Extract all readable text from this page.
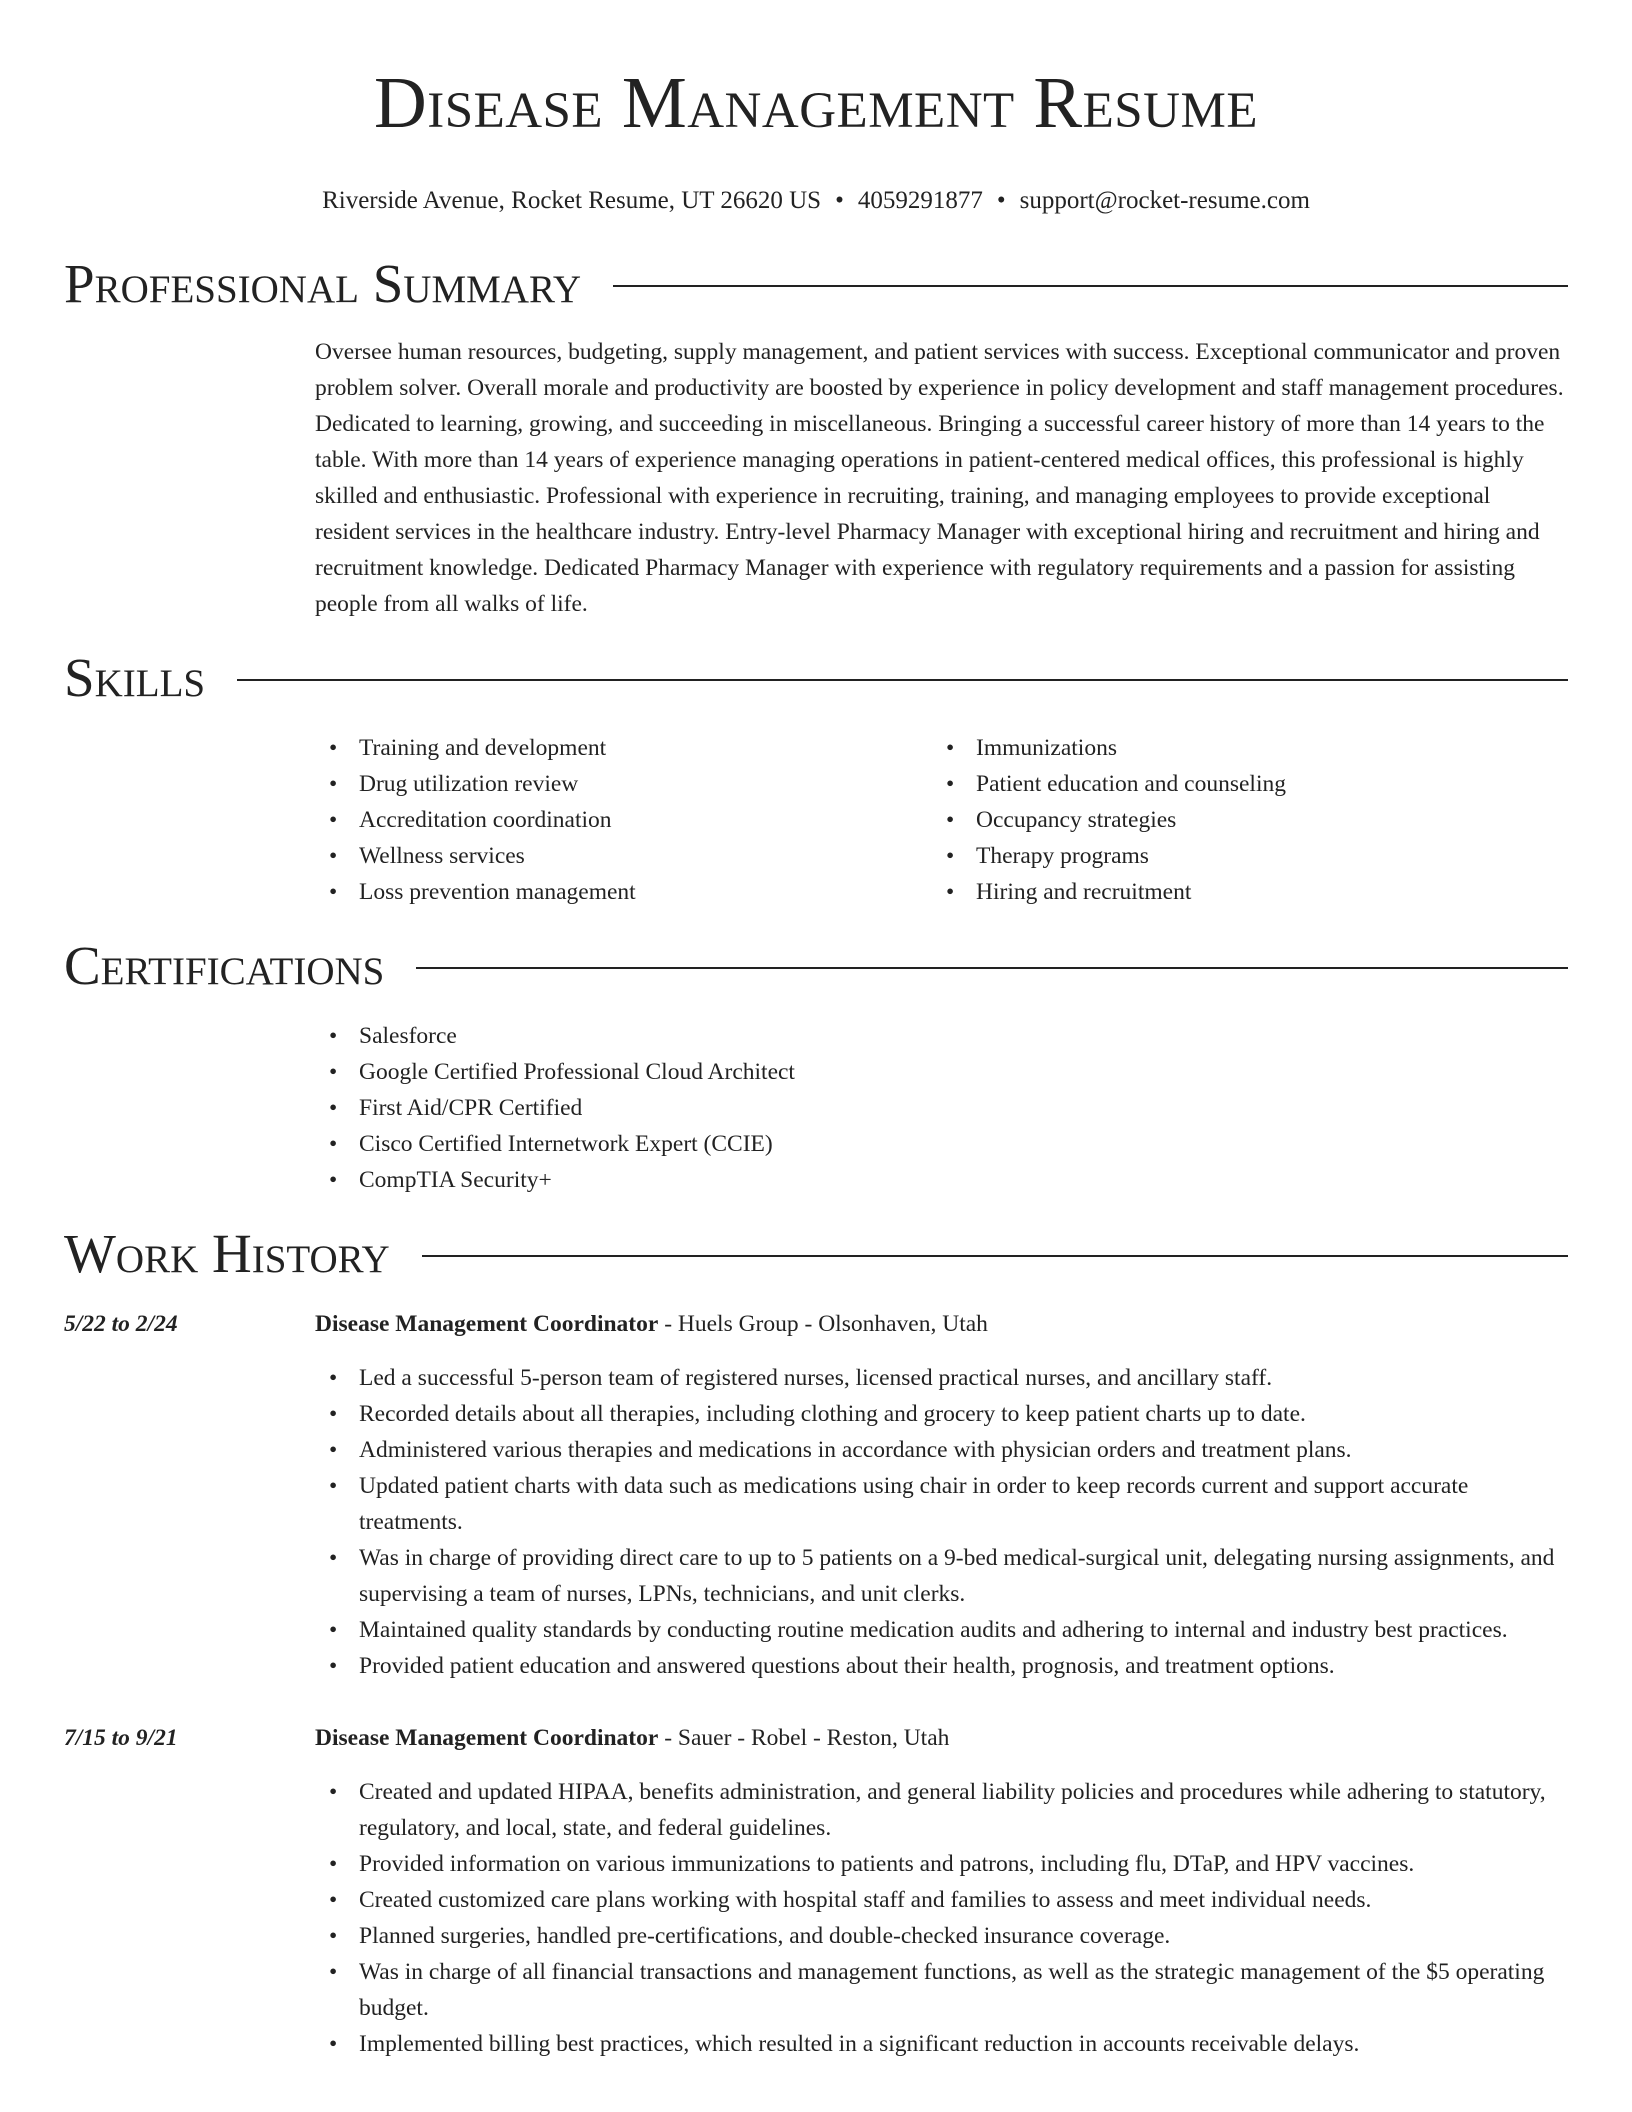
Disease Management Resume
Riverside Avenue, Rocket Resume, UT 26620 US • 4059291877 • support@rocket-resume.com
Professional Summary

Oversee human resources, budgeting, supply management, and patient services with success. Exceptional communicator and proven problem solver. Overall morale and productivity are boosted by experience in policy development and staff management procedures. Dedicated to learning, growing, and succeeding in miscellaneous. Bringing a successful career history of more than 14 years to the table. With more than 14 years of experience managing operations in patient-centered medical offices, this professional is highly skilled and enthusiastic. Professional with experience in recruiting, training, and managing employees to provide exceptional resident services in the healthcare industry. Entry-level Pharmacy Manager with exceptional hiring and recruitment and hiring and recruitment knowledge. Dedicated Pharmacy Manager with experience with regulatory requirements and a passion for assisting people from all walks of life.

Skills
• Training and development
• Drug utilization review
• Accreditation coordination
• Wellness services
• Loss prevention management
• Immunizations
• Patient education and counseling
• Occupancy strategies
• Therapy programs
• Hiring and recruitment
Certifications
• Salesforce
• Google Certified Professional Cloud Architect
• First Aid/CPR Certified
• Cisco Certified Internetwork Expert (CCIE)
• CompTIA Security+
Work History
5/22 to 2/24	Disease Management Coordinator - Huels Group - Olsonhaven, Utah
• Led a successful 5-person team of registered nurses, licensed practical nurses, and ancillary staff.
• Recorded details about all therapies, including clothing and grocery to keep patient charts up to date.
• Administered various therapies and medications in accordance with physician orders and treatment plans.
• Updated patient charts with data such as medications using chair in order to keep records current and support accurate treatments.
• Was in charge of providing direct care to up to 5 patients on a 9-bed medical-surgical unit, delegating nursing assignments, and supervising a team of nurses, LPNs, technicians, and unit clerks.
• Maintained quality standards by conducting routine medication audits and adhering to internal and industry best practices.
• Provided patient education and answered questions about their health, prognosis, and treatment options.
7/15 to 9/21	Disease Management Coordinator - Sauer - Robel - Reston, Utah
• Created and updated HIPAA, benefits administration, and general liability policies and procedures while adhering to statutory, regulatory, and local, state, and federal guidelines.
• Provided information on various immunizations to patients and patrons, including flu, DTaP, and HPV vaccines.
• Created customized care plans working with hospital staff and families to assess and meet individual needs.
• Planned surgeries, handled pre-certifications, and double-checked insurance coverage.
• Was in charge of all financial transactions and management functions, as well as the strategic management of the $5 operating budget.
• Implemented billing best practices, which resulted in a significant reduction in accounts receivable delays.
